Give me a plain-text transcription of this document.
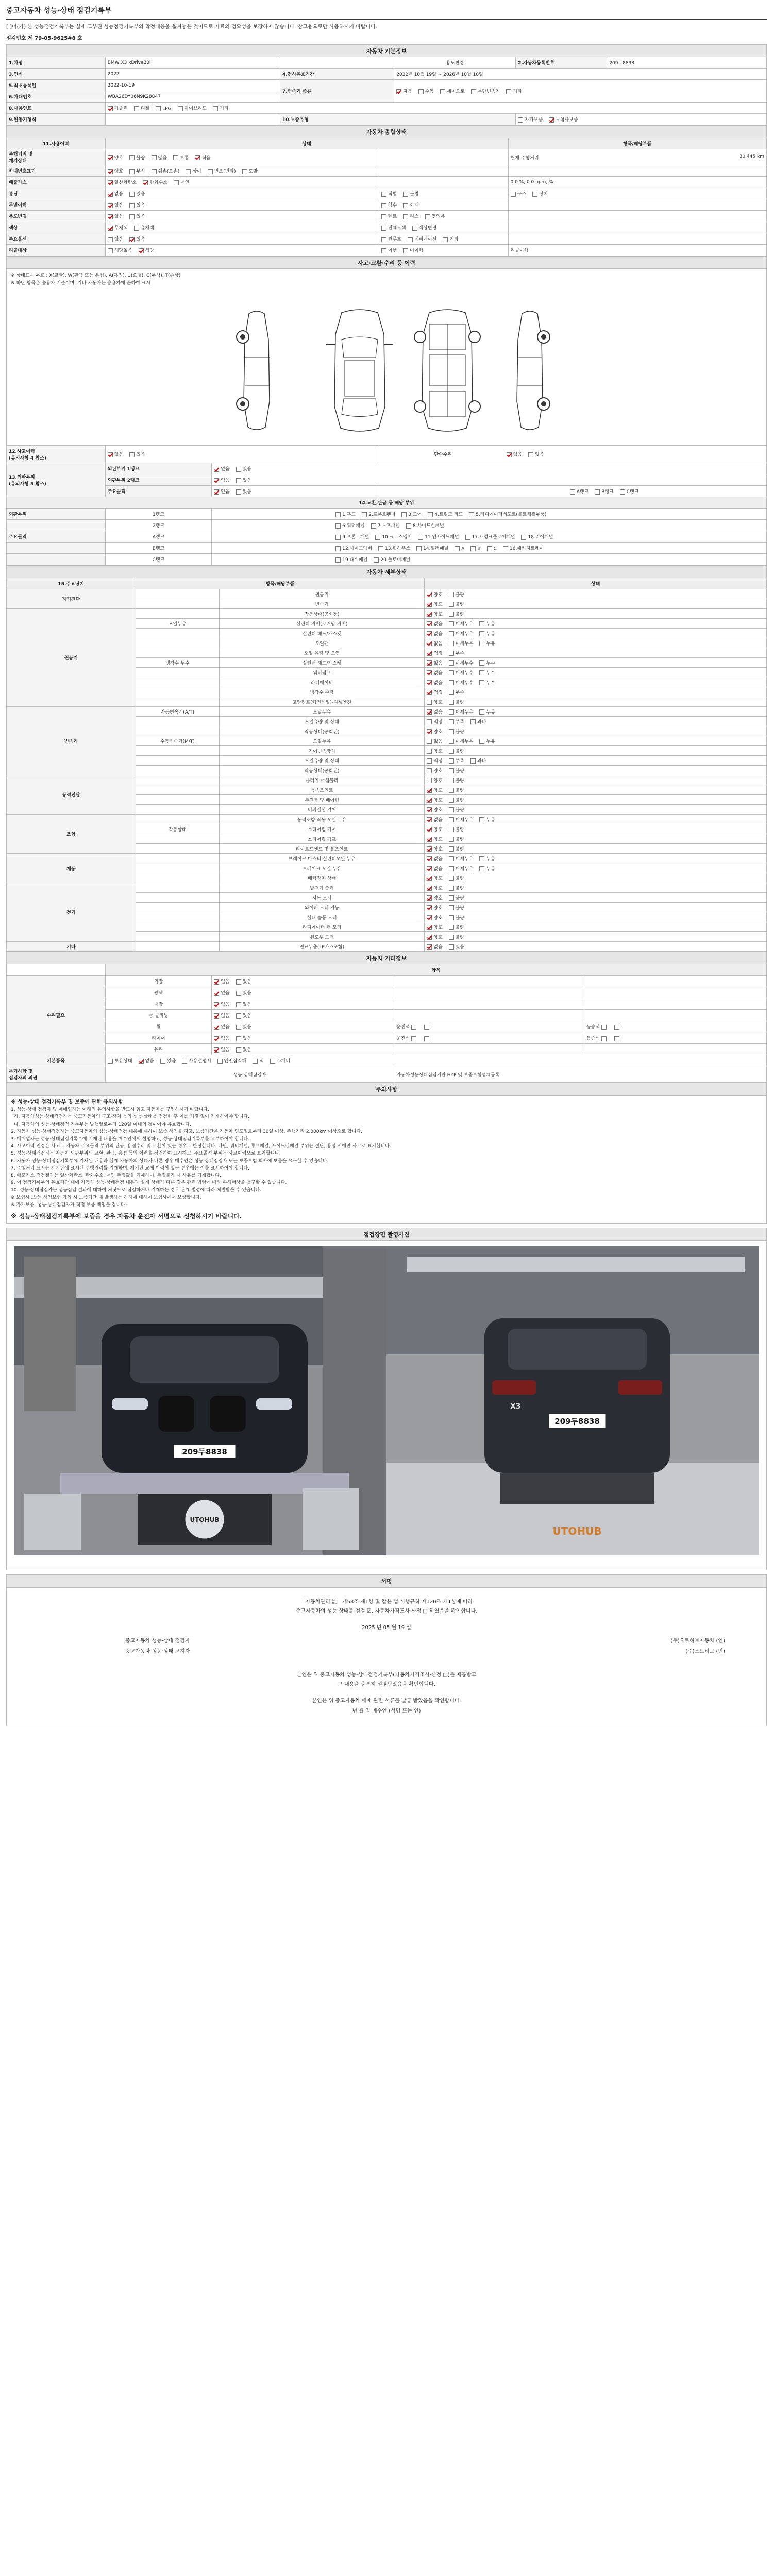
중고자동차 성능·상태 점검기록부
[ ]이(가) 본 성능점검기록부는 실제 교부된 성능점검기록부의 확정내용을 옮겨놓은 것이므로 자료의 정확성을 보장하지 않습니다. 참고용으로만 사용하시기 바랍니다.
점검번호 제 79-05-9625#8 호
자동차 기본정보					
1.차명	BMW X3 xDrive20i		용도변경	2.자동차등록번호	209두8838
3.연식	2022	4.검사유효기간	2022년 10월 19일 ~ 2026년 10월 18일		
5.최초등록일	2022-10-19	7.변속기 종류	자동 수동 세미오토 무단변속기 기타		
6.차대번호	WBA26DY06N9K28847				
8.사용연료	가솔린 디젤 LPG 하이브리드 기타				
9.원동기형식		10.보증유형		자가보증 보험사보증	
자동차 종합상태			
11.사용이력	상태		항목/해당부품
주행거리 및
계기상태	양호 불량 많음 보통 적음		현재 주행거리 30,445 km

차대번호표기	양호 부식 훼손(오손) 상이 변조(변타) 도말		
배출가스	일산화탄소 탄화수소 매연		0.0 %, 0.0 ppm, %
튜닝	없음 있음	적법 불법	구조 장치
특별이력	없음 있음	침수 화재	
용도변경	없음 있음	렌트 리스 영업용	
색상	무채색 유채색	전체도색 색상변경	
주요옵션	없음 있음	썬루프 네비게이션 기타	
리콜대상	해당없음 해당	이행 미이행	리콜이행
사고·교환·수리 등 이력			

※ 상태표시 부호 : X(교환), W(판금 또는 용접), A(흠집), U(요철), C(부식), T(손상)
※ 하단 항목은 승용차 기준이며, 기타 자동차는 승용차에 준하여 표시			

12.사고이력
(유의사항 4 참조)	없음 있음		단순수리 없음 있음
13.외판부위
(유의사항 5 참조)	외판부위 1랭크	없음 있음	
	외판부위 2랭크	없음 있음	
	주요골격	없음 있음	A랭크 B랭크 C랭크
14.교환,판금 등 해당 부위			
외판부위	1랭크	1.후드 2.프론트펜더 3.도어 4.트렁크 리드 5.라디에이터서포트(볼트체결부품)	
	2랭크	6.쿼터패널 7.루프패널 8.사이드실패널	
주요골격	A랭크	9.프론트패널 10.크로스멤버 11.인사이드패널 17.트렁크플로어패널 18.리어패널	
	B랭크	12.사이드멤버 13.휠하우스 14.필러패널 A B C 16.패키지트레이	
	C랭크	19.대쉬패널 20.플로어패널	
자동차 세부상태			
15.주요장치	항목/해당부품		상태
자기진단		원동기	양호 불량
		변속기	양호 불량
원동기		작동상태(공회전)	양호 불량
	오일누유	실린더 커버(로커암 커버)	없음 미세누유 누유
		실린더 헤드/가스켓	없음 미세누유 누유
		오일팬	없음 미세누유 누유
		오일 유량 및 오염	적정 부족
	냉각수 누수	실린더 헤드/가스켓	없음 미세누수 누수
		워터펌프	없음 미세누수 누수
		라디에이터	없음 미세누수 누수
		냉각수 수량	적정 부족
		고압펌프(커먼레일)-디젤엔진	양호 불량
변속기	자동변속기(A/T)	오일누유	없음 미세누유 누유
		오일유량 및 상태	적정 부족 과다
		작동상태(공회전)	양호 불량
	수동변속기(M/T)	오일누유	없음 미세누유 누유
		기어변속장치	양호 불량
		오일유량 및 상태	적정 부족 과다
		작동상태(공회전)	양호 불량
동력전달		클러치 어셈블리	양호 불량
		등속조인트	양호 불량
		추진축 및 베어링	양호 불량
		디퍼렌셜 기어	양호 불량
조향		동력조향 작동 오일 누유	없음 미세누유 누유
	작동상태	스티어링 기어	양호 불량
		스티어링 펌프	양호 불량
		타이로드엔드 및 볼조인트	양호 불량
제동		브레이크 마스터 실린더오일 누유	없음 미세누유 누유
		브레이크 오일 누유	없음 미세누유 누유
		배력장치 상태	양호 불량
전기		발전기 출력	양호 불량
		시동 모터	양호 불량
		와이퍼 모터 기능	양호 불량
		실내 송풍 모터	양호 불량
		라디에이터 팬 모터	양호 불량
		윈도우 모터	양호 불량
기타		연료누출(LP가스포함)	없음 있음
자동차 기타정보				
	항목			
수리필요	외장	없음 있음		
	광택	없음 있음		
	내장	없음 있음		
	룸 클리닝	없음 있음		
	휠	없음 있음	운전석	동승석
	타이어	없음 있음	운전석	동승석
	유리	없음 있음		
기본품목	보유상태 없음 있음 사용설명서 안전삼각대 잭 스패너			
특기사항 및
점검자의 의견	성능·상태점검자		자동차성능상태점검기관 HYP 및 보증보험업체등록	
주의사항
※ 성능·상태 점검기록부 및 보증에 관한 유의사항
1. 성능·상태 점검자 및 매매업자는 아래의 유의사항을 반드시 읽고 자동차를 구입하시기 바랍니다.
가. 자동차성능·상태점검자는 중고자동차의 구조·장치 등의 성능·상태를 점검한 후 이를 거짓 없이 기재하여야 합니다.
나. 자동차의 성능·상태점검 기록부는 발행일로부터 120일 이내의 것이어야 유효합니다.
2. 자동차 성능·상태점검자는 중고자동차의 성능·상태점검 내용에 대하여 보증 책임을 지고, 보증기간은 자동차 인도일로부터 30일 이상, 주행거리 2,000km 이상으로 합니다.
3. 매매업자는 성능·상태점검기록부에 기재된 내용을 매수인에게 설명하고, 성능·상태점검기록부를 교부하여야 합니다.
4. 사고이력 인정은 사고로 자동차 주요골격 부위의 판금, 용접수리 및 교환이 있는 경우로 한정합니다. 다만, 쿼터패널, 루프패널, 사이드실패널 부위는 절단, 용접 시에만 사고로 표기합니다.
5. 성능·상태점검자는 자동차 외판부위의 교환, 판금, 용접 등의 이력을 점검하여 표시하고, 주요골격 부위는 사고이력으로 표기합니다.
6. 자동차 성능·상태점검기록부에 기재된 내용과 실제 자동차의 상태가 다른 경우 매수인은 성능·상태점검자 또는 보증보험 회사에 보증을 요구할 수 있습니다.
7. 주행거리 표시는 계기판에 표시된 주행거리를 기재하며, 계기판 교체 이력이 있는 경우에는 이를 표시하여야 합니다.
8. 배출가스 점검결과는 일산화탄소, 탄화수소, 매연 측정값을 기재하며, 측정불가 시 사유를 기재합니다.
9. 이 점검기록부의 유효기간 내에 자동차 성능·상태점검 내용과 실제 상태가 다른 경우 관련 법령에 따라 손해배상을 청구할 수 있습니다.
10. 성능·상태점검자는 성능점검 결과에 대하여 거짓으로 점검하거나 기재하는 경우 관계 법령에 따라 처벌받을 수 있습니다.
※ 보험사 보증: 책임보험 가입 시 보증기간 내 발생하는 하자에 대하여 보험사에서 보상합니다.
※ 자가보증: 성능·상태점검자가 직접 보증 책임을 집니다.
※ 성능·상태점검기록부에 보증을 경우 자동차 운전자 서명으로 신청하시기 바랍니다.
점검장면 촬영사진
209두8838
UTOHUB
209두8838
X3
UTOHUB
서명
「자동차관리법」 제58조 제1항 및 같은 법 시행규칙 제120조 제1항에 따라
중고자동차의 성능·상태를 점검 ☑, 자동차가격조사·산정 □ 하였음을 확인합니다.
2025 년 05 월 19 일
중고자동차 성능·상태 점검자	(주)오토허브자동차 (인)
중고자동차 성능·상태 고지자	(주)오토허브 (인)
본인은 위 중고자동차 성능·상태점검기록부(자동차가격조사·산정 □)를 제공받고
그 내용을 충분히 설명받았음을 확인합니다.
본인은 위 중고자동차 매매 관련 서류를 발급 받았음을 확인합니다.
년 월 일 매수인 (서명 또는 인)
